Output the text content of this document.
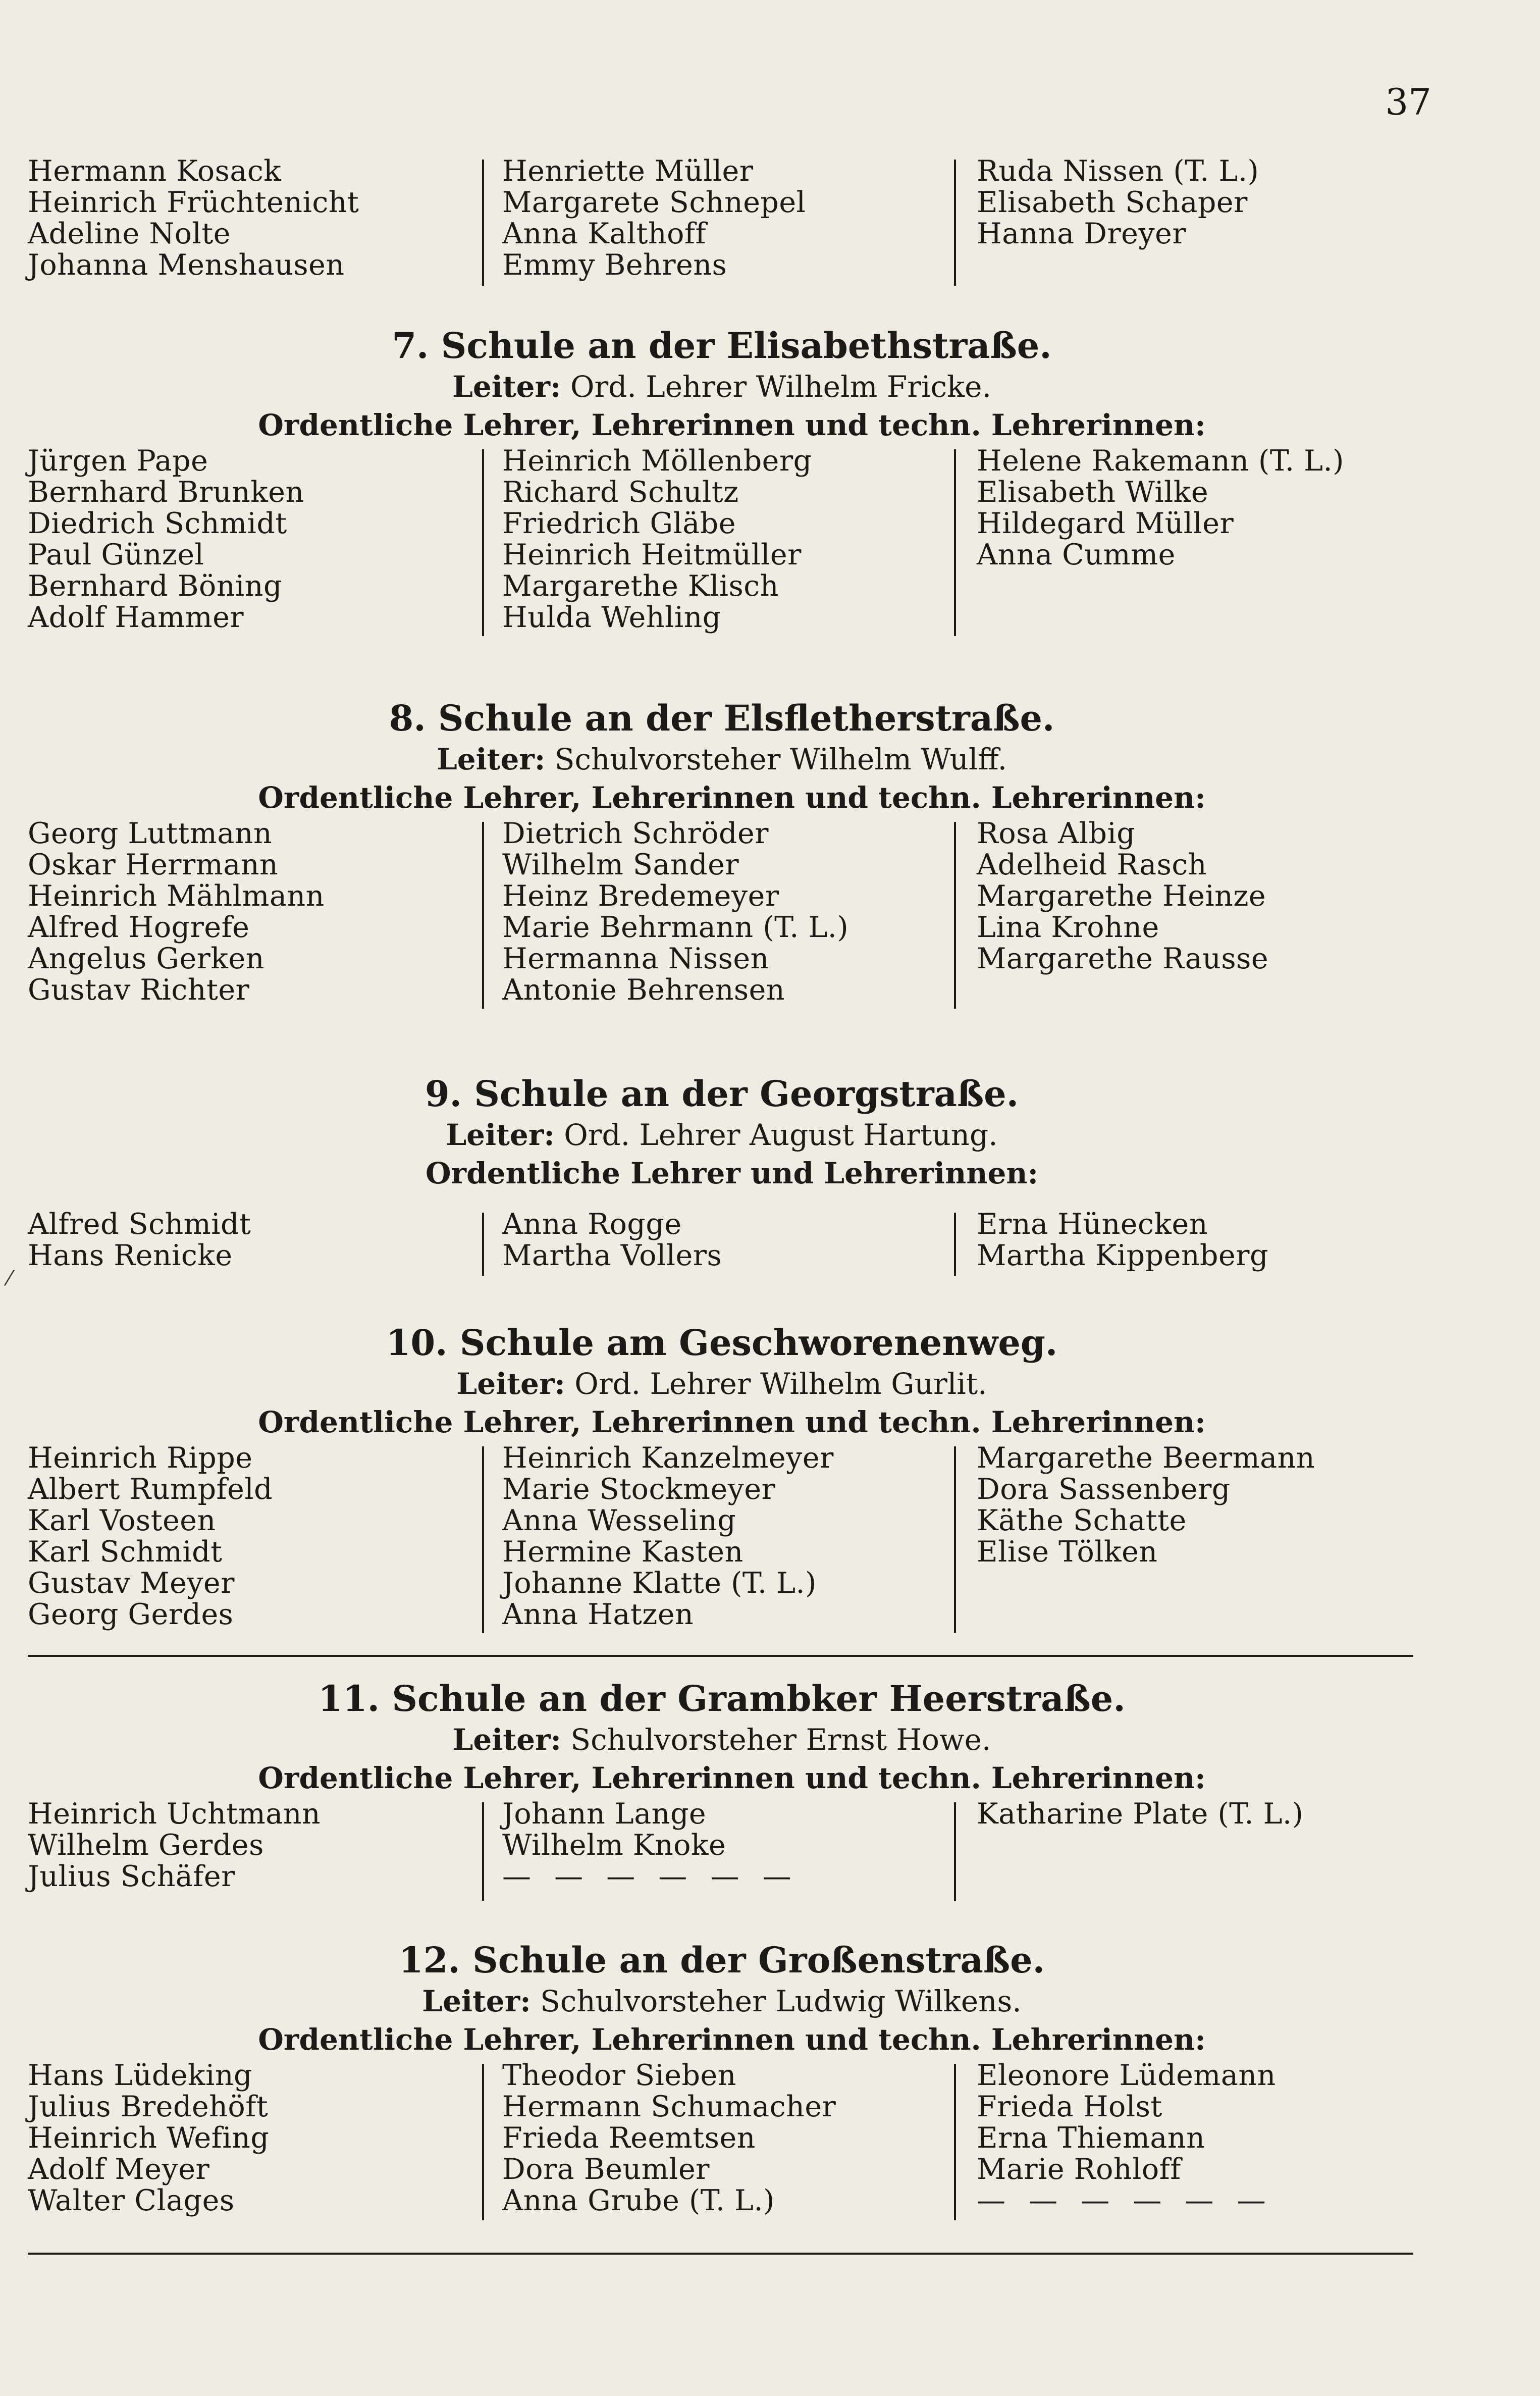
37
Hermann Kosack
Heinrich Früchtenicht
Adeline Nolte
Johanna Menshausen
Henriette Müller
Margarete Schnepel
Anna Kalthoff
Emmy Behrens
Ruda Nissen (T. L.)
Elisabeth Schaper
Hanna Dreyer
7. Schule an der Elisabethstraße.
Leiter: Ord. Lehrer Wilhelm Fricke.
Ordentliche Lehrer, Lehrerinnen und techn. Lehrerinnen:
Jürgen Pape
Bernhard Brunken
Diedrich Schmidt
Paul Günzel
Bernhard Böning
Adolf Hammer
Heinrich Möllenberg
Richard Schultz
Friedrich Gläbe
Heinrich Heitmüller
Margarethe Klisch
Hulda Wehling
Helene Rakemann (T. L.)
Elisabeth Wilke
Hildegard Müller
Anna Cumme
8. Schule an der Elsfletherstraße.
Leiter: Schulvorsteher Wilhelm Wulff.
Ordentliche Lehrer, Lehrerinnen und techn. Lehrerinnen:
Georg Luttmann
Oskar Herrmann
Heinrich Mählmann
Alfred Hogrefe
Angelus Gerken
Gustav Richter
Dietrich Schröder
Wilhelm Sander
Heinz Bredemeyer
Marie Behrmann (T. L.)
Hermanna Nissen
Antonie Behrensen
Rosa Albig
Adelheid Rasch
Margarethe Heinze
Lina Krohne
Margarethe Rausse
9. Schule an der Georgstraße.
Leiter: Ord. Lehrer August Hartung.
Ordentliche Lehrer und Lehrerinnen:
Alfred Schmidt
Hans Renicke
Anna Rogge
Martha Vollers
Erna Hünecken
Martha Kippenberg
⁄
10. Schule am Geschworenenweg.
Leiter: Ord. Lehrer Wilhelm Gurlit.
Ordentliche Lehrer, Lehrerinnen und techn. Lehrerinnen:
Heinrich Rippe
Albert Rumpfeld
Karl Vosteen
Karl Schmidt
Gustav Meyer
Georg Gerdes
Heinrich Kanzelmeyer
Marie Stockmeyer
Anna Wesseling
Hermine Kasten
Johanne Klatte (T. L.)
Anna Hatzen
Margarethe Beermann
Dora Sassenberg
Käthe Schatte
Elise Tölken
11. Schule an der Grambker Heerstraße.
Leiter: Schulvorsteher Ernst Howe.
Ordentliche Lehrer, Lehrerinnen und techn. Lehrerinnen:
Heinrich Uchtmann
Wilhelm Gerdes
Julius Schäfer
Johann Lange
Wilhelm Knoke
— — — — — —
Katharine Plate (T. L.)
12. Schule an der Großenstraße.
Leiter: Schulvorsteher Ludwig Wilkens.
Ordentliche Lehrer, Lehrerinnen und techn. Lehrerinnen:
Hans Lüdeking
Julius Bredehöft
Heinrich Wefing
Adolf Meyer
Walter Clages
Theodor Sieben
Hermann Schumacher
Frieda Reemtsen
Dora Beumler
Anna Grube (T. L.)
Eleonore Lüdemann
Frieda Holst
Erna Thiemann
Marie Rohloff
— — — — — —
